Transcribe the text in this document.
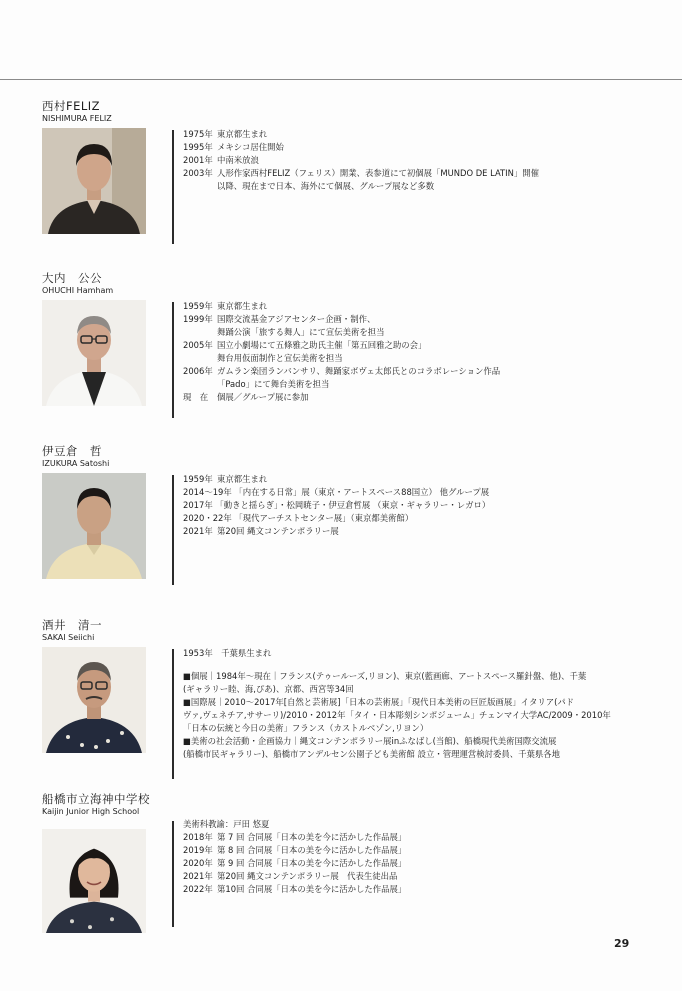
西村FELIZ
NISHIMURA FELIZ
1975年 東京都生まれ
1995年 メキシコ居住開始
2001年 中南米放浪
2003年 人形作家西村FELIZ（フェリス）開業、表参道にて初個展「MUNDO DE LATIN」開催
以降、現在まで日本、海外にて個展、グループ展など多数
大内　公公
OHUCHI Hamham
1959年 東京都生まれ
1999年 国際交流基金アジアセンター企画・制作、
舞踊公演「旅する舞人」にて宣伝美術を担当
2005年 国立小劇場にて五條雅之助氏主催「第五回雅之助の会」
舞台用仮面制作と宣伝美術を担当
2006年 ガムラン楽団ランバンサリ、舞踊家ボヴェ太郎氏とのコラボレーション作品
「Pado」にて舞台美術を担当
現　在	個展／グループ展に参加
伊豆倉　哲
IZUKURA Satoshi
1959年 東京都生まれ
2014〜19年 「内在する日常」展（東京・アートスペース88国立） 他グループ展
2017年 「動きと揺らぎ」・松岡暁子・伊豆倉哲展 （東京・ギャラリー・レガロ）
2020・22年 「現代アーチストセンター展」（東京都美術館）
2021年 第20回 縄文コンテンポラリー展
酒井　清一
SAKAI Seiichi
1953年　千葉県生まれ

■個展｜1984年〜現在｜フランス(テゥールーズ,リヨン)、東京(藍画廊、アートスペース羅針盤、他)、千葉
(ギャラリー睦、海,ぴあ)、京都、西宮等34回

■国際展｜2010〜2017年[自然と芸術展]「日本の芸術展」「現代日本美術の巨匠版画展」イタリア(パド
ヴァ,ヴェネチア,ササーリ)/2010・2012年「タイ・日本彫刻シンポジューム」チェンマイ大学AC/2009・2010年
「日本の伝統と今日の美術」フランス（カストルベゾン,リヨン）

■美術の社会活動・企画協力｜縄文コンテンポラリー展inふなばし(当館)、船橋現代美術国際交流展
(船橋市民ギャラリー)、船橋市アンデルセン公園子ども美術館 設立・管理運営検討委員、千葉県各地

船橋市立海神中学校
Kaijin Junior High School
美術科教諭：戸田 悠夏
2018年 第 7 回 合同展「日本の美を今に活かした作品展」
2019年 第 8 回 合同展「日本の美を今に活かした作品展」
2020年 第 9 回 合同展「日本の美を今に活かした作品展」
2021年 第20回 縄文コンテンポラリー展　代表生徒出品
2022年 第10回 合同展「日本の美を今に活かした作品展」
29
